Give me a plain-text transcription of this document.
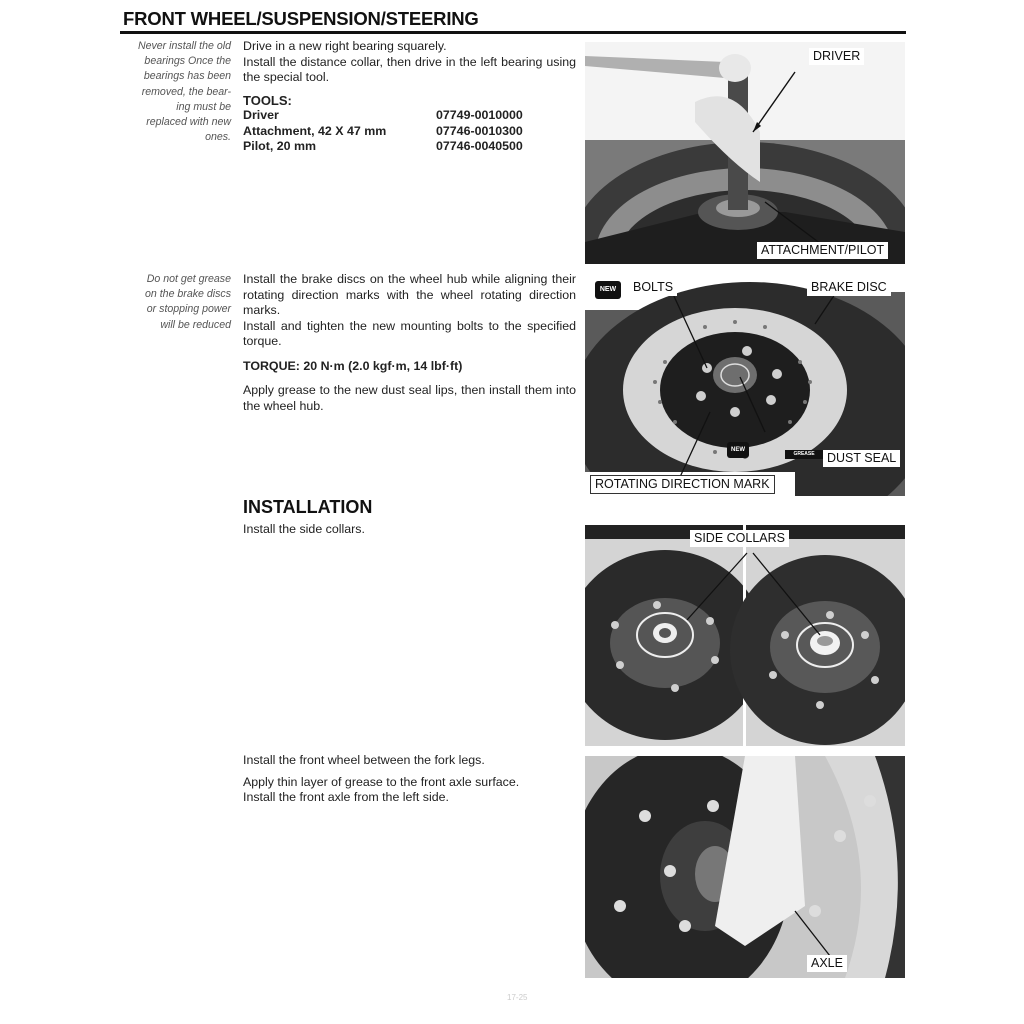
FRONT WHEEL/SUSPENSION/STEERING
Never install the old
bearings Once the
bearings has been
removed, the bear-
ing must be
replaced with new
ones.

Drive in a new right bearing squarely.

Install the distance collar, then drive in the left bearing using the special tool.

TOOLS:

Driver	07749-0010000
Attachment, 42 X 47 mm	07746-0010300
Pilot, 20 mm	07746-0040500
DRIVER
ATTACHMENT/PILOT
Do not get grease
on the brake discs
or stopping power
will be reduced

Install the brake discs on the wheel hub while aligning their rotating direction marks with the wheel rotating direction marks.

Install and tighten the new mounting bolts to the specified torque.

TORQUE: 20 N·m (2.0 kgf·m, 14 lbf·ft)

Apply grease to the new dust seal lips, then install them into the wheel hub.

NEW	BOLTS	BRAKE DISC
NEW
GREASE DUST SEAL
ROTATING DIRECTION MARK
INSTALLATION

Install the side collars.

SIDE COLLARS

Install the front wheel between the fork legs.

Apply thin layer of grease to the front axle surface.

Install the front axle from the left side.

AXLE
17-25
